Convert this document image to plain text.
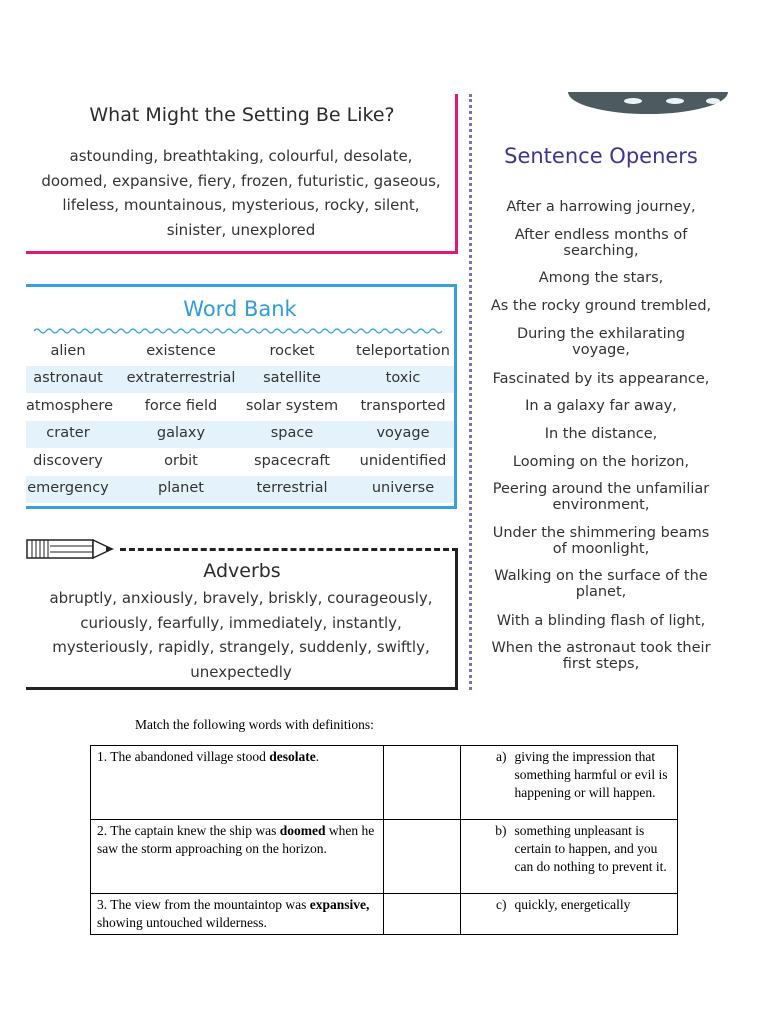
What Might the Setting Be Like?
astounding, breathtaking, colourful, desolate, doomed, expansive, fiery, frozen, futuristic, gaseous, lifeless, mountainous, mysterious, rocky, silent, sinister, unexplored
Sentence Openers
After a harrowing journey,
After endless months of searching,
Among the stars,
As the rocky ground trembled,
During the exhilarating voyage,
Fascinated by its appearance,
In a galaxy far away,
In the distance,
Looming on the horizon,
Peering around the unfamiliar environment,
Under the shimmering beams of moonlight,
Walking on the surface of the planet,
With a blinding flash of light,
When the astronaut took their first steps,
Word Bank
alien	existence	rocket	teleportation
astronaut	extraterrestrial	satellite	toxic
atmosphere	force field	solar system	transported
crater	galaxy	space	voyage
discovery	orbit	spacecraft	unidentified
emergency	planet	terrestrial	universe
Adverbs
abruptly, anxiously, bravely, briskly, courageously, curiously, fearfully, immediately, instantly, mysteriously, rapidly, strangely, suddenly, swiftly, unexpectedly
Match the following words with definitions:
1. The abandoned village stood desolate.		a) giving the impression that something harmful or evil is happening or will happen.

2. The captain knew the ship was doomed when he saw the storm approaching on the horizon.		b) something unpleasant is certain to happen, and you can do nothing to prevent it.

3. The view from the mountaintop was expansive, showing untouched wilderness.		c) quickly, energetically
